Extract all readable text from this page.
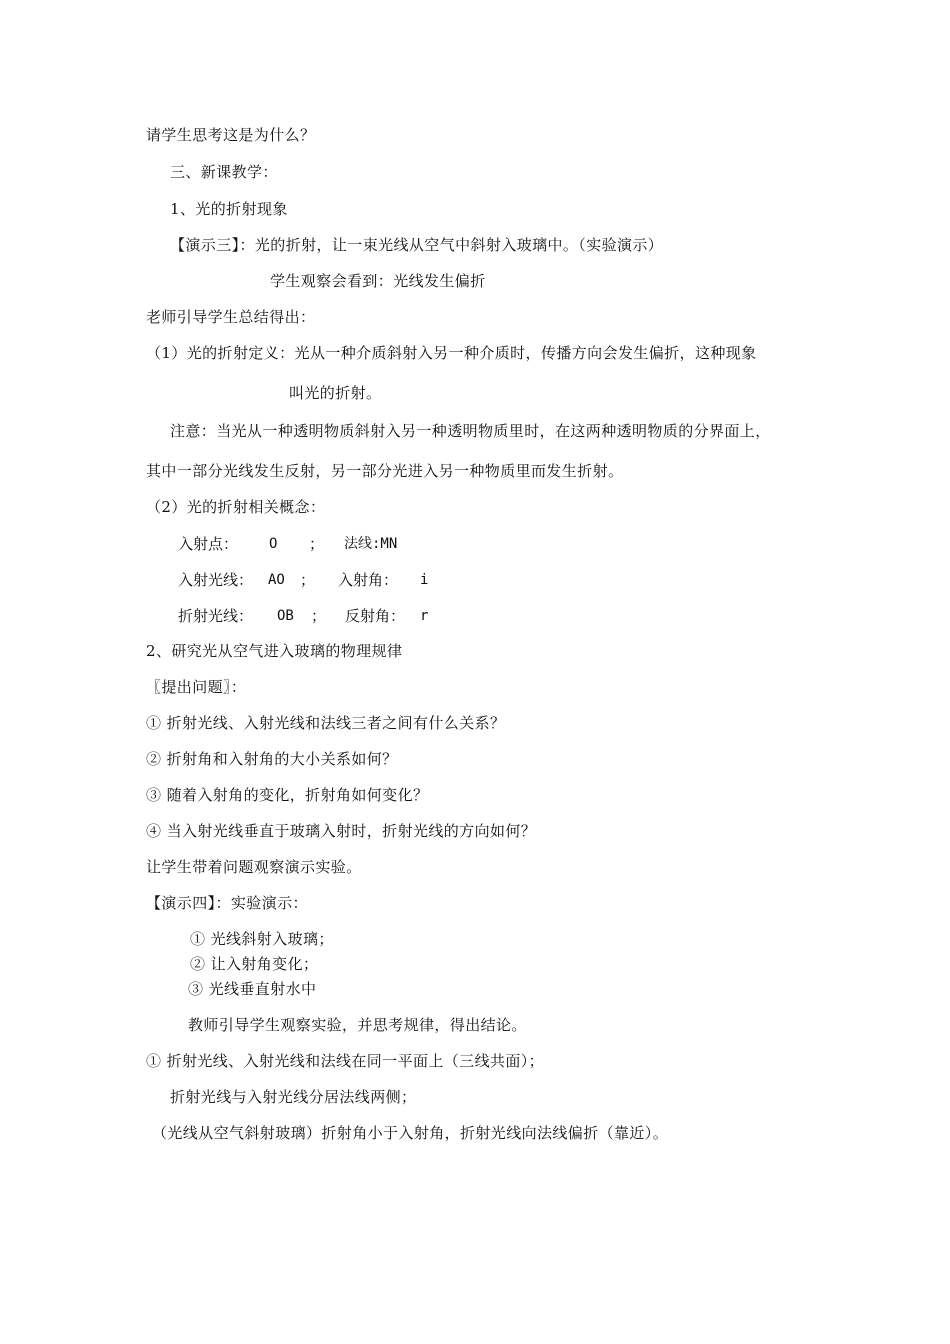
请学生思考这是为什么？
三、新课教学：
1、光的折射现象
【演示三】：光的折射，让一束光线从空气中斜射入玻璃中。（实验演示）
学生观察会看到：光线发生偏折
老师引导学生总结得出：
（1）光的折射定义：光从一种介质斜射入另一种介质时，传播方向会发生偏折，这种现象
叫光的折射。
注意：当光从一种透明物质斜射入另一种透明物质里时，在这两种透明物质的分界面上，
其中一部分光线发生反射，另一部分光进入另一种物质里而发生折射。
（2）光的折射相关概念：
入射点： O ； 法线:MN
入射光线： AO ； 入射角： i
折射光线： OB ； 反射角： r
2、研究光从空气进入玻璃的物理规律
〖提出问题〗：
① 折射光线、入射光线和法线三者之间有什么关系？
② 折射角和入射角的大小关系如何？
③ 随着入射角的变化，折射角如何变化？
④ 当入射光线垂直于玻璃入射时，折射光线的方向如何？
让学生带着问题观察演示实验。
【演示四】：实验演示：
① 光线斜射入玻璃；
② 让入射角变化；
③ 光线垂直射水中
教师引导学生观察实验，并思考规律，得出结论。
① 折射光线、入射光线和法线在同一平面上（三线共面）；
折射光线与入射光线分居法线两侧；
（光线从空气斜射玻璃）折射角小于入射角，折射光线向法线偏折（靠近）。
